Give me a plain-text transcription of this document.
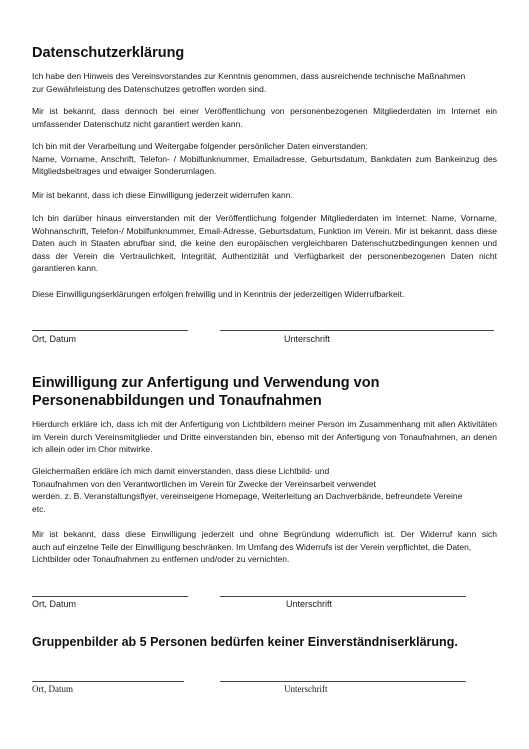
Datenschutzerklärung

Ich habe den Hinweis des Vereinsvorstandes zur Kenntnis genommen, dass ausreichende technische Maßnahmen
zur Gewährleistung des Datenschutzes getroffen worden sind.

Mir ist bekannt, dass dennoch bei einer Veröffentlichung von personenbezogenen Mitgliederdaten im Internet ein umfassender Datenschutz nicht garantiert werden kann.

Ich bin mit der Verarbeitung und Weitergabe folgender persönlicher Daten einverstanden:
Name, Vorname, Anschrift, Telefon- / Mobilfunknummer, Emailadresse, Geburtsdatum, Bankdaten zum Bankeinzug des Mitgliedsbeitrages und etwaiger Sonderumlagen.

Mir ist bekannt, dass ich diese Einwilligung jederzeit widerrufen kann.

Ich bin darüber hinaus einverstanden mit der Veröffentlichung folgender Mitgliederdaten im Internet: Name, Vorname, Wohnanschrift, Telefon-/ Mobilfunknummer, Email-Adresse, Geburtsdatum, Funktion im Verein. Mir ist bekannt, dass diese Daten auch in Staaten abrufbar sind, die keine den europäischen vergleichbaren Datenschutzbedingungen kennen und dass der Verein die Vertraulichkeit, Integrität, Authentizität und Verfügbarkeit der personenbezogenen Daten nicht garantieren kann.

Diese Einwilligungserklärungen erfolgen freiwillig und in Kenntnis der jederzeitigen Widerrufbarkeit.

Ort, Datum	Unterschrift
Einwilligung zur Anfertigung und Verwendung von Personenabbildungen und Tonaufnahmen

Hierdurch erkläre ich, dass ich mit der Anfertigung von Lichtbildern meiner Person im Zusammenhang mit allen Aktivitäten im Verein durch Vereinsmitglieder und Dritte einverstanden bin, ebenso mit der Anfertigung von Tonaufnahmen, an denen ich allein oder im Chor mitwirke.

Gleichermaßen erkläre ich mich damit einverstanden, dass diese Lichtbild- und
Tonaufnahmen von den Verantwortlichen im Verein für Zwecke der Vereinsarbeit verwendet
werden. z. B. Veranstaltungsflyer, vereinseigene Homepage, Weiterleitung an Dachverbände, befreundete Vereine
etc.

Mir ist bekannt, dass diese Einwilligung jederzeit und ohne Begründung widerruflich ist. Der Widerruf kann sich
auch auf einzelne Teile der Einwilligung beschränken. Im Umfang des Widerrufs ist der Verein verpflichtet, die Daten,
Lichtbilder oder Tonaufnahmen zu entfernen und/oder zu vernichten.

Ort, Datum	Unterschrift
Gruppenbilder ab 5 Personen bedürfen keiner Einverständniserklärung.
Ort, Datum	Unterschrift
